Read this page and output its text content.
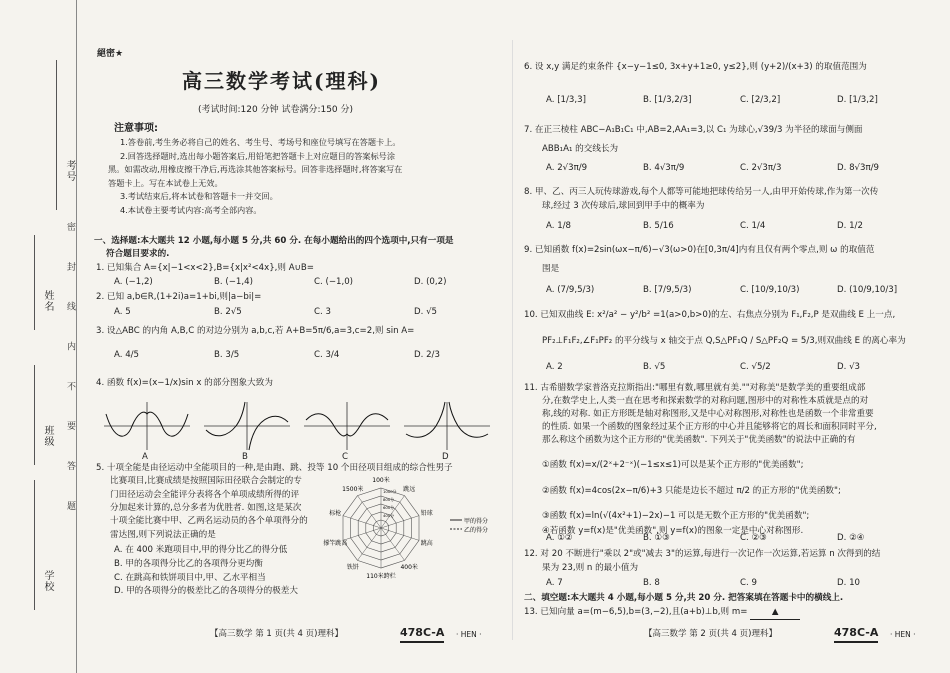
考号
姓名
班级
学校
密 封 线 内 不 要 答 题
絕密★
高三数学考试(理科)
(考试时间:120 分钟 试卷满分:150 分)
注意事项:
1.答卷前,考生务必将自己的姓名、考生号、考场号和座位号填写在答题卡上。
2.回答选择题时,选出每小题答案后,用铅笔把答题卡上对应题目的答案标号涂
黑。如需改动,用橡皮擦干净后,再选涂其他答案标号。回答非选择题时,将答案写在
答题卡上。写在本试卷上无效。
3.考试结束后,将本试卷和答题卡一并交回。
4.本试卷主要考试内容:高考全部内容。
一、选择题:本大题共 12 小题,每小题 5 分,共 60 分. 在每小题给出的四个选项中,只有一项是
符合题目要求的.
1. 已知集合 A={x|−1<x<2},B={x|x²<4x},则 A∪B=
A. (−1,2)	B. (−1,4)	C. (−1,0)	D. (0,2)
2. 已知 a,b∈R,(1+2i)a=1+bi,则|a−bi|=
A. 5	B. 2√5	C. 3	D. √5
3. 设△ABC 的内角 A,B,C 的对边分别为 a,b,c,若 A+B=5π/6,a=3,c=2,则 sin A=
A. 4/5	B. 3/5	C. 3/4	D. 2/3
4. 函数 f(x)=(x−1/x)sin x 的部分图象大致为
A	B	C	D
5. 十项全能是由径运动中全能项目的一种,是由跑、跳、投等 10 个田径项目组成的综合性男子
比赛项目,比赛成绩是按照国际田径联合会制定的专
门田径运动会全能评分表将各个单项成绩所得的评
分加起来计算的,总分多者为优胜者. 如图,这是某次
十项全能比赛中甲、乙两名运动员的各个单项得分的
雷达图,则下列说法正确的是
A. 在 400 米跑项目中,甲的得分比乙的得分低
B. 甲的各项得分比乙的各项得分更均衡
C. 在跳高和铁饼项目中,甲、乙水平相当
D. 甲的各项得分的极差比乙的各项得分的极差大
100米
跳远
铅球
跳高
400米
110米跨栏
铁饼
撑竿跳高
标枪
1500米	1000分
800分
600分
400分
甲的得分
乙的得分
【高三数学 第 1 页(共 4 页)理科】	478C-A · HEN ·
6. 设 x,y 满足约束条件 {x−y−1≤0, 3x+y+1≥0, y≤2},则 (y+2)/(x+3) 的取值范围为
A. [1/3,3]	B. [1/3,2/3]	C. [2/3,2]	D. [1/3,2]
7. 在正三棱柱 ABC−A₁B₁C₁ 中,AB=2,AA₁=3,以 C₁ 为球心,√39/3 为半径的球面与侧面
ABB₁A₁ 的交线长为
A. 2√3π/9	B. 4√3π/9	C. 2√3π/3	D. 8√3π/9
8. 甲、乙、丙三人玩传球游戏,每个人都等可能地把球传给另一人,由甲开始传球,作为第一次传
球,经过 3 次传球后,球回到甲手中的概率为
A. 1/8	B. 5/16	C. 1/4	D. 1/2
9. 已知函数 f(x)=2sin(ωx−π/6)−√3(ω>0)在[0,3π/4]内有且仅有两个零点,则 ω 的取值范
围是
A. (7/9,5/3)	B. [7/9,5/3)	C. [10/9,10/3)	D. (10/9,10/3]
10. 已知双曲线 E: x²/a² − y²/b² =1(a>0,b>0)的左、右焦点分别为 F₁,F₂,P 是双曲线 E 上一点,
PF₂⊥F₁F₂,∠F₁PF₂ 的平分线与 x 轴交于点 Q,S△PF₁Q / S△PF₂Q = 5/3,则双曲线 E 的离心率为
A. 2	B. √5	C. √5/2	D. √3
11. 古希腊数学家普洛克拉斯指出:"哪里有数,哪里就有美.""对称美"是数学美的重要组成部
分,在数学史上,人类一直在思考和探索数学的对称问题,图形中的对称性本质就是点的对
称,线的对称. 如正方形既是轴对称图形,又是中心对称图形,对称性也是函数一个非常重要
的性质. 如果一个函数的图象经过某个正方形的中心并且能够将它的周长和面积同时平分,
那么称这个函数为这个正方形的"优美函数". 下列关于"优美函数"的说法中正确的有
①函数 f(x)=x/(2ˣ+2⁻ˣ)(−1≤x≤1)可以是某个正方形的"优美函数";
②函数 f(x)=4cos(2x−π/6)+3 只能是边长不超过 π/2 的正方形的"优美函数";
③函数 f(x)=ln(√(4x²+1)−2x)−1 可以是无数个正方形的"优美函数";
④若函数 y=f(x)是"优美函数",则 y=f(x)的图象一定是中心对称图形.
A. ①②	B. ①③	C. ②③	D. ②④
12. 对 20 不断进行"乘以 2"或"减去 3"的运算,每进行一次记作一次运算,若运算 n 次得到的结
果为 23,则 n 的最小值为
A. 7	B. 8	C. 9	D. 10
二、填空题:本大题共 4 小题,每小题 5 分,共 20 分. 把答案填在答题卡中的横线上.
13. 已知向量 a=(m−6,5),b=(3,−2),且(a+b)⊥b,则 m=	▲
【高三数学 第 2 页(共 4 页)理科】	478C-A · HEN ·
